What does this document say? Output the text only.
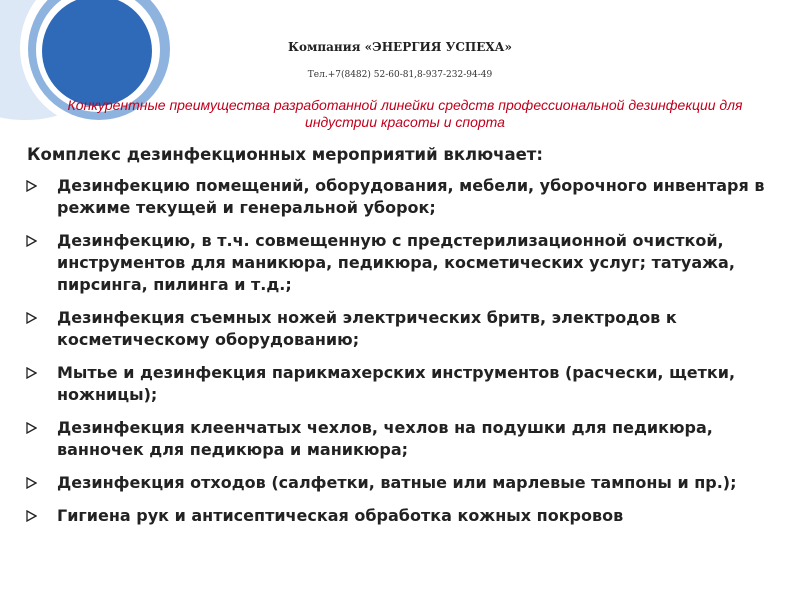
Компания «ЭНЕРГИЯ УСПЕХА»
Тел.+7(8482) 52-60-81,8-937-232-94-49
Конкурентные преимущества разработанной линейки средств профессиональной дезинфекции для индустрии красоты и спорта
Комплекс дезинфекционных мероприятий включает:
Дезинфекцию помещений, оборудования, мебели, уборочного инвентаря в режиме текущей и генеральной уборок;
Дезинфекцию, в т.ч. совмещенную с предстерилизационной очисткой, инструментов для маникюра, педикюра, косметических услуг; татуажа, пирсинга, пилинга и т.д.;
Дезинфекция съемных ножей электрических бритв, электродов к косметическому оборудованию;
Мытье и дезинфекция парикмахерских инструментов (расчески, щетки, ножницы);
Дезинфекция клеенчатых чехлов, чехлов на подушки для педикюра, ванночек для педикюра и маникюра;
Дезинфекция отходов (салфетки, ватные или марлевые тампоны и пр.);
Гигиена рук и антисептическая обработка кожных покровов
